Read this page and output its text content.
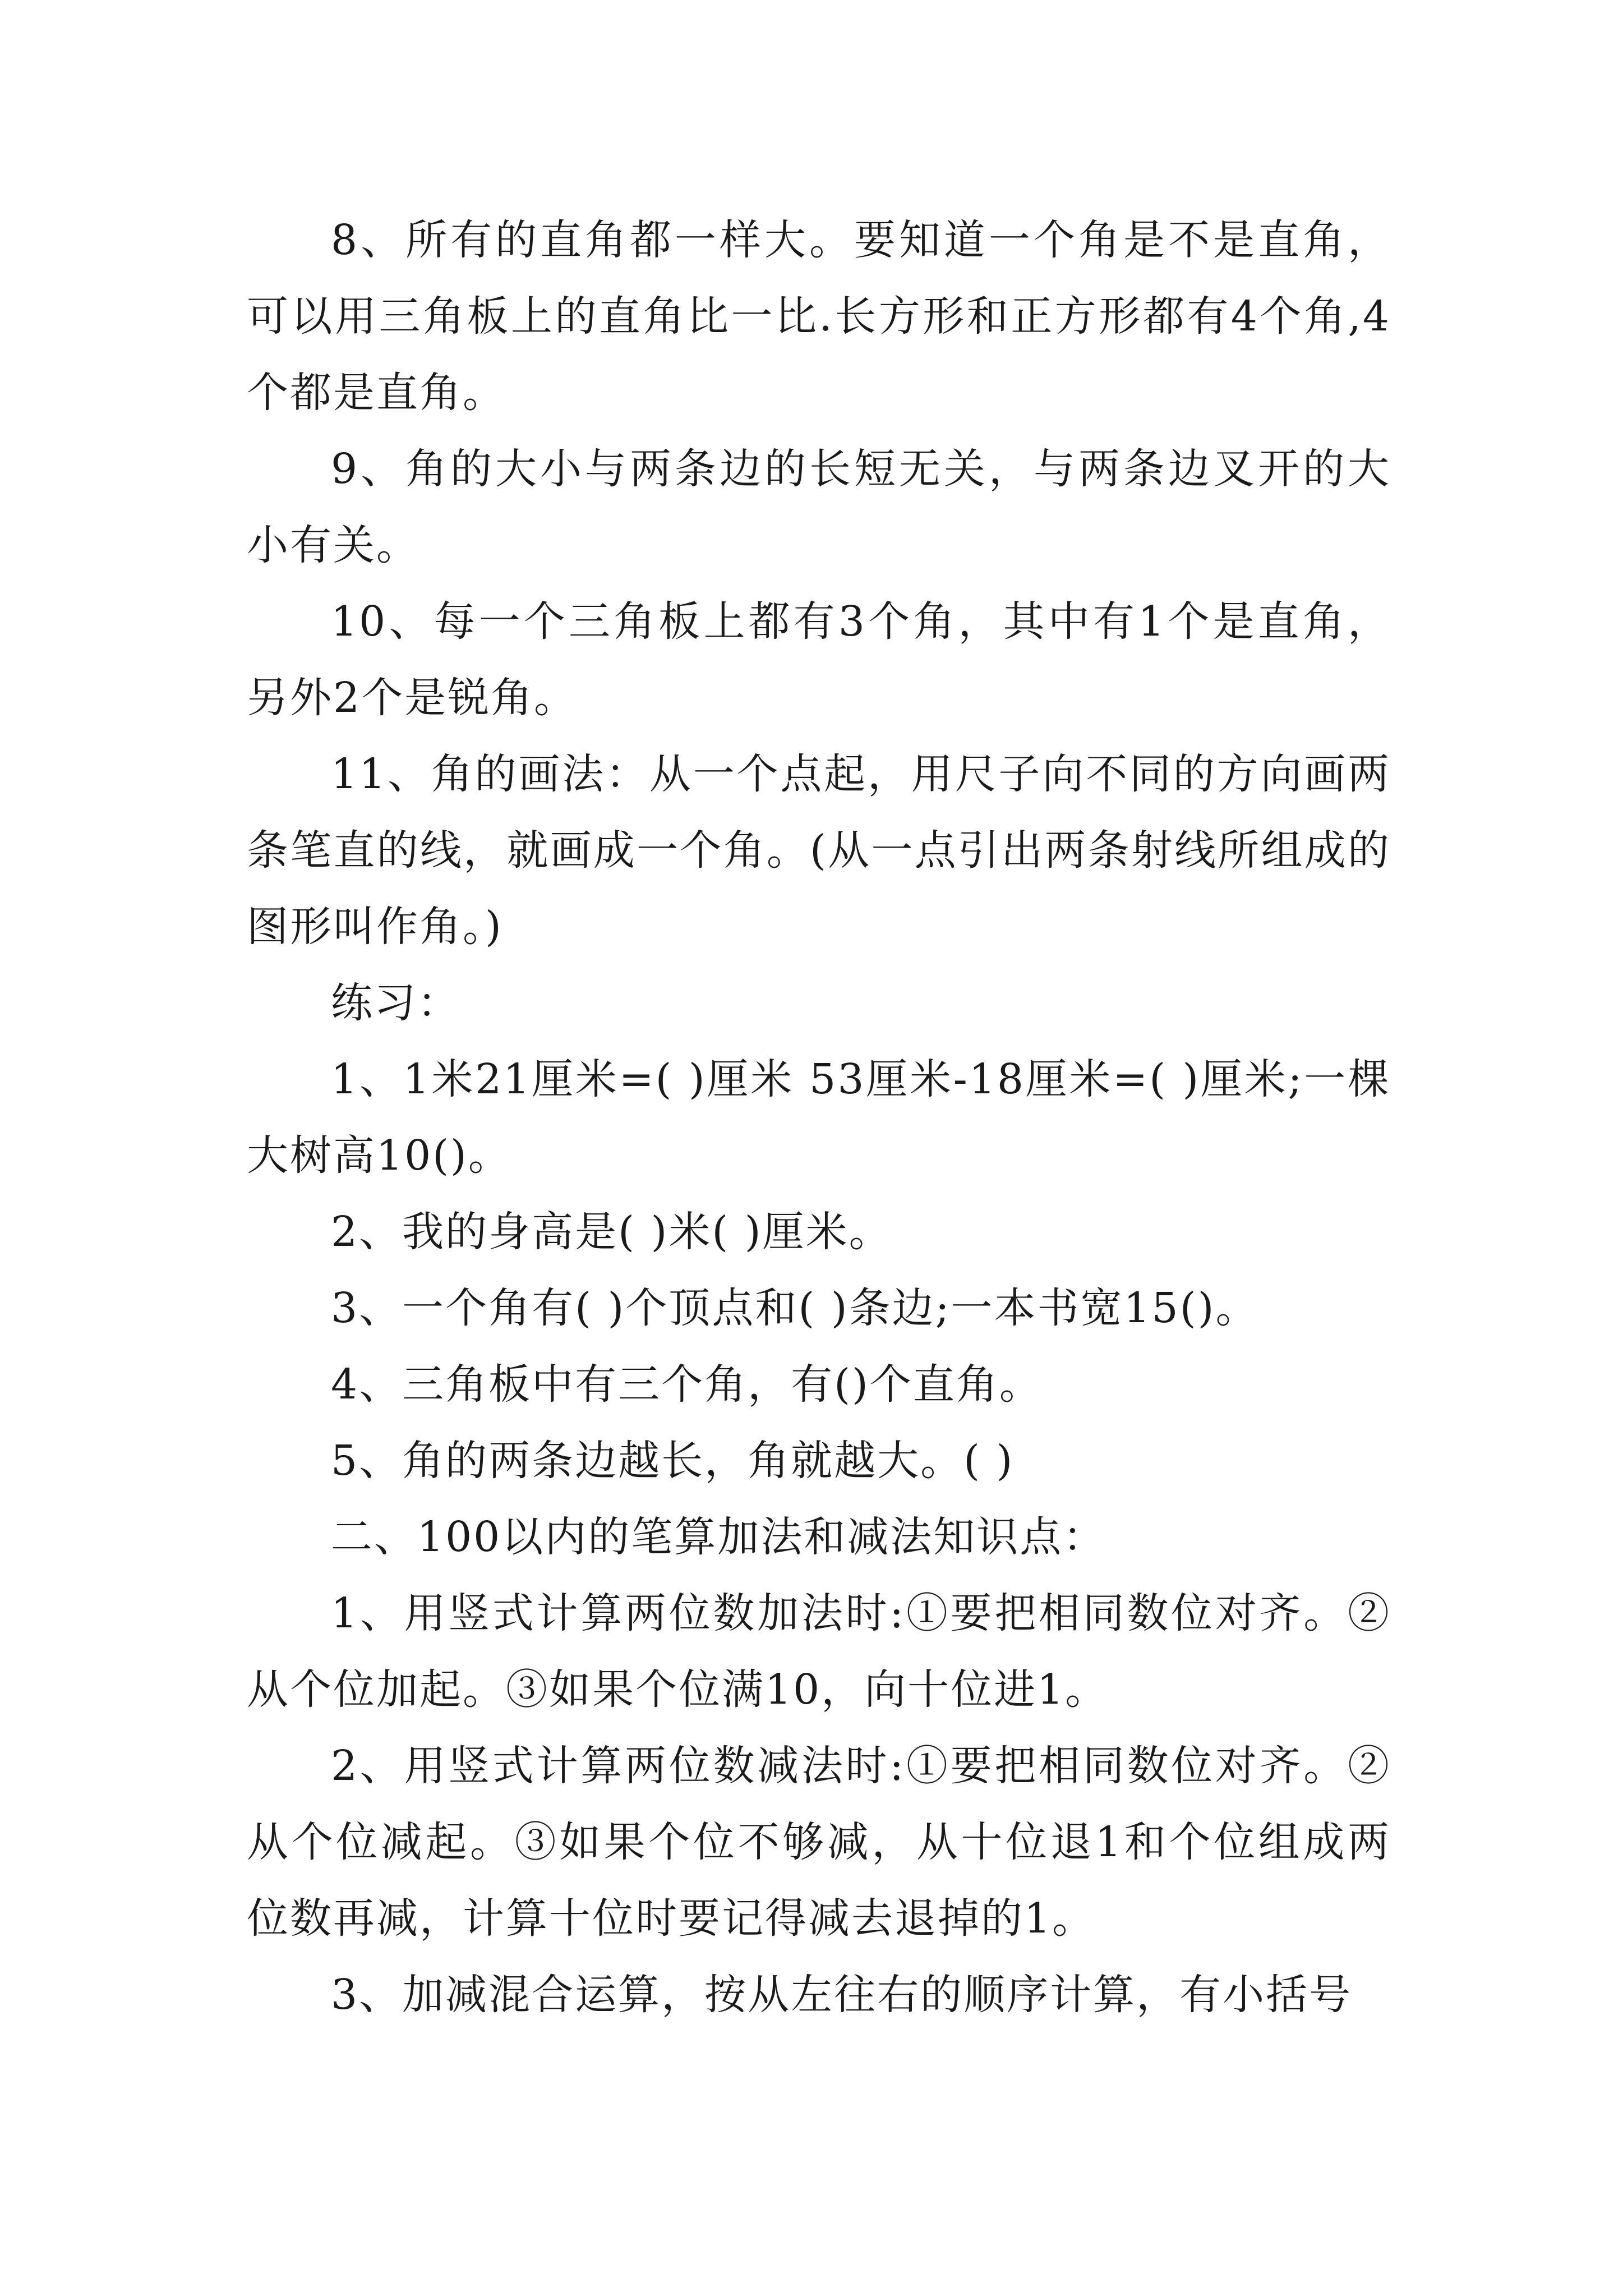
8、所有的直角都一样大。要知道一个角是不是直角，可以用三角板上的直角比一比.长方形和正方形都有4个角,4个都是直角。

9、角的大小与两条边的长短无关，与两条边叉开的大小有关。

10、每一个三角板上都有3个角，其中有1个是直角，另外2个是锐角。

11、角的画法：从一个点起，用尺子向不同的方向画两条笔直的线，就画成一个角。(从一点引出两条射线所组成的图形叫作角。)

练习：

1、1米21厘米=( )厘米 53厘米-18厘米=( )厘米;一棵大树高10()。

2、我的身高是( )米( )厘米。

3、一个角有( )个顶点和( )条边;一本书宽15()。

4、三角板中有三个角，有()个直角。

5、角的两条边越长，角就越大。( )

二、100以内的笔算加法和减法知识点：

1、用竖式计算两位数加法时:①要把相同数位对齐。②从个位加起。③如果个位满10，向十位进1。

2、用竖式计算两位数减法时:①要把相同数位对齐。②从个位减起。③如果个位不够减，从十位退1和个位组成两位数再减，计算十位时要记得减去退掉的1。

3、加减混合运算，按从左往右的顺序计算，有小括号
